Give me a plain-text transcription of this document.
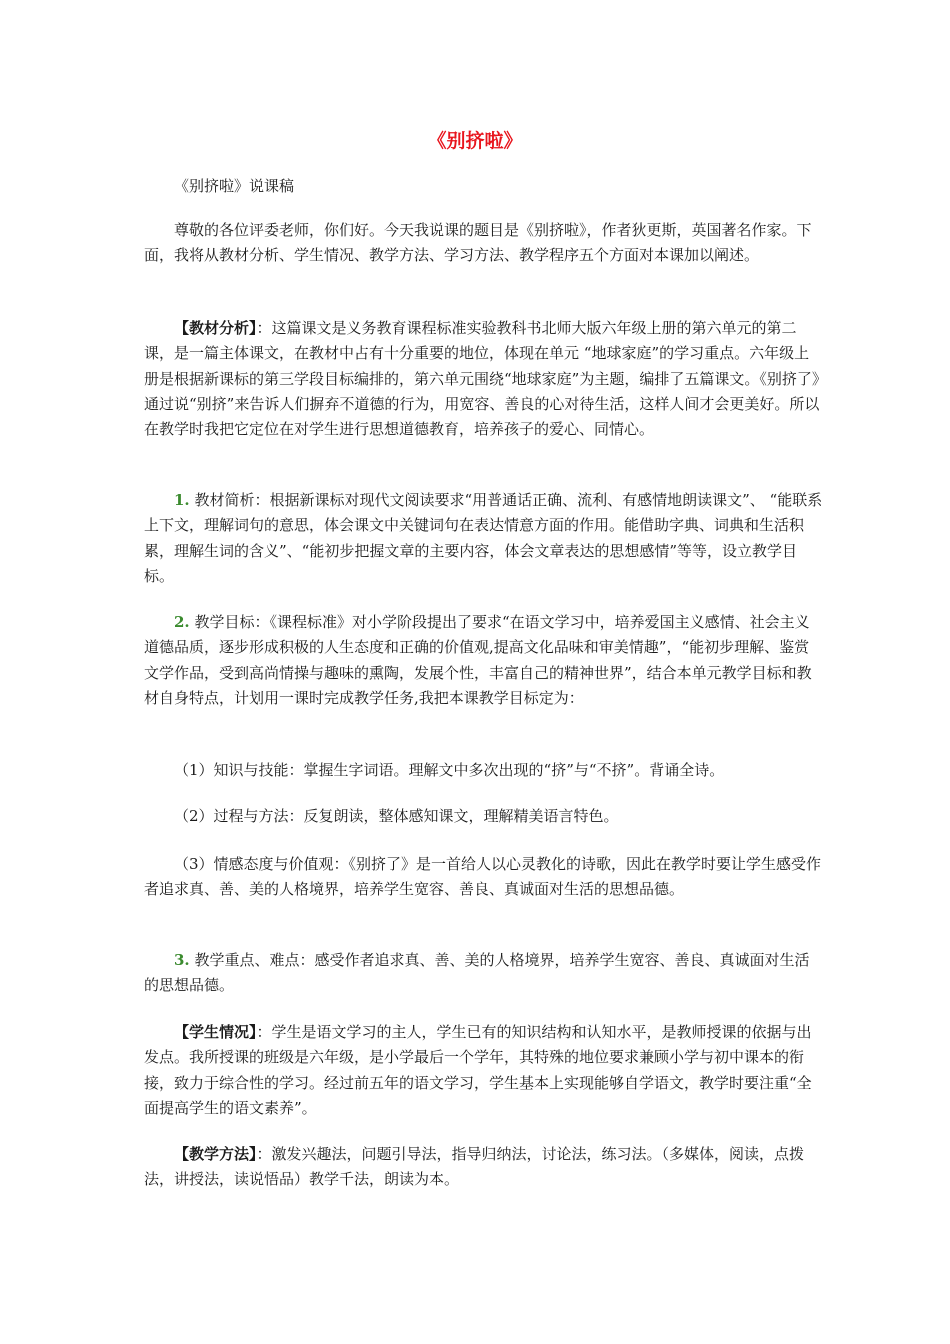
《别挤啦》
《别挤啦》说课稿
尊敬的各位评委老师，你们好。今天我说课的题目是《别挤啦》，作者狄更斯，英国著名作家。下面，我将从教材分析、学生情况、教学方法、学习方法、教学程序五个方面对本课加以阐述。
【教材分析】：这篇课文是义务教育课程标准实验教科书北师大版六年级上册的第六单元的第二课，是一篇主体课文，在教材中占有十分重要的地位，体现在单元 “地球家庭”的学习重点。六年级上册是根据新课标的第三学段目标编排的，第六单元围绕“地球家庭”为主题，编排了五篇课文。《别挤了》通过说“别挤”来告诉人们摒弃不道德的行为，用宽容、善良的心对待生活，这样人间才会更美好。所以在教学时我把它定位在对学生进行思想道德教育，培养孩子的爱心、同情心。
1. 教材简析：根据新课标对现代文阅读要求“用普通话正确、流利、有感情地朗读课文”、 “能联系上下文，理解词句的意思，体会课文中关键词句在表达情意方面的作用。能借助字典、词典和生活积累，理解生词的含义”、“能初步把握文章的主要内容，体会文章表达的思想感情”等等，设立教学目标。
2. 教学目标：《课程标准》对小学阶段提出了要求“在语文学习中，培养爱国主义感情、社会主义道德品质，逐步形成积极的人生态度和正确的价值观,提高文化品味和审美情趣”，“能初步理解、鉴赏文学作品，受到高尚情操与趣味的熏陶，发展个性，丰富自己的精神世界”，结合本单元教学目标和教材自身特点，计划用一课时完成教学任务,我把本课教学目标定为：
（1）知识与技能：掌握生字词语。理解文中多次出现的“挤”与“不挤”。背诵全诗。
（2）过程与方法：反复朗读，整体感知课文，理解精美语言特色。
（3）情感态度与价值观：《别挤了》是一首给人以心灵教化的诗歌，因此在教学时要让学生感受作者追求真、善、美的人格境界，培养学生宽容、善良、真诚面对生活的思想品德。
3. 教学重点、难点：感受作者追求真、善、美的人格境界，培养学生宽容、善良、真诚面对生活的思想品德。
【学生情况】：学生是语文学习的主人，学生已有的知识结构和认知水平，是教师授课的依据与出发点。我所授课的班级是六年级，是小学最后一个学年，其特殊的地位要求兼顾小学与初中课本的衔接，致力于综合性的学习。经过前五年的语文学习，学生基本上实现能够自学语文，教学时要注重“全面提高学生的语文素养”。
【教学方法】：激发兴趣法，问题引导法，指导归纳法，讨论法，练习法。（多媒体，阅读，点拨法，讲授法，读说悟品）教学千法，朗读为本。
